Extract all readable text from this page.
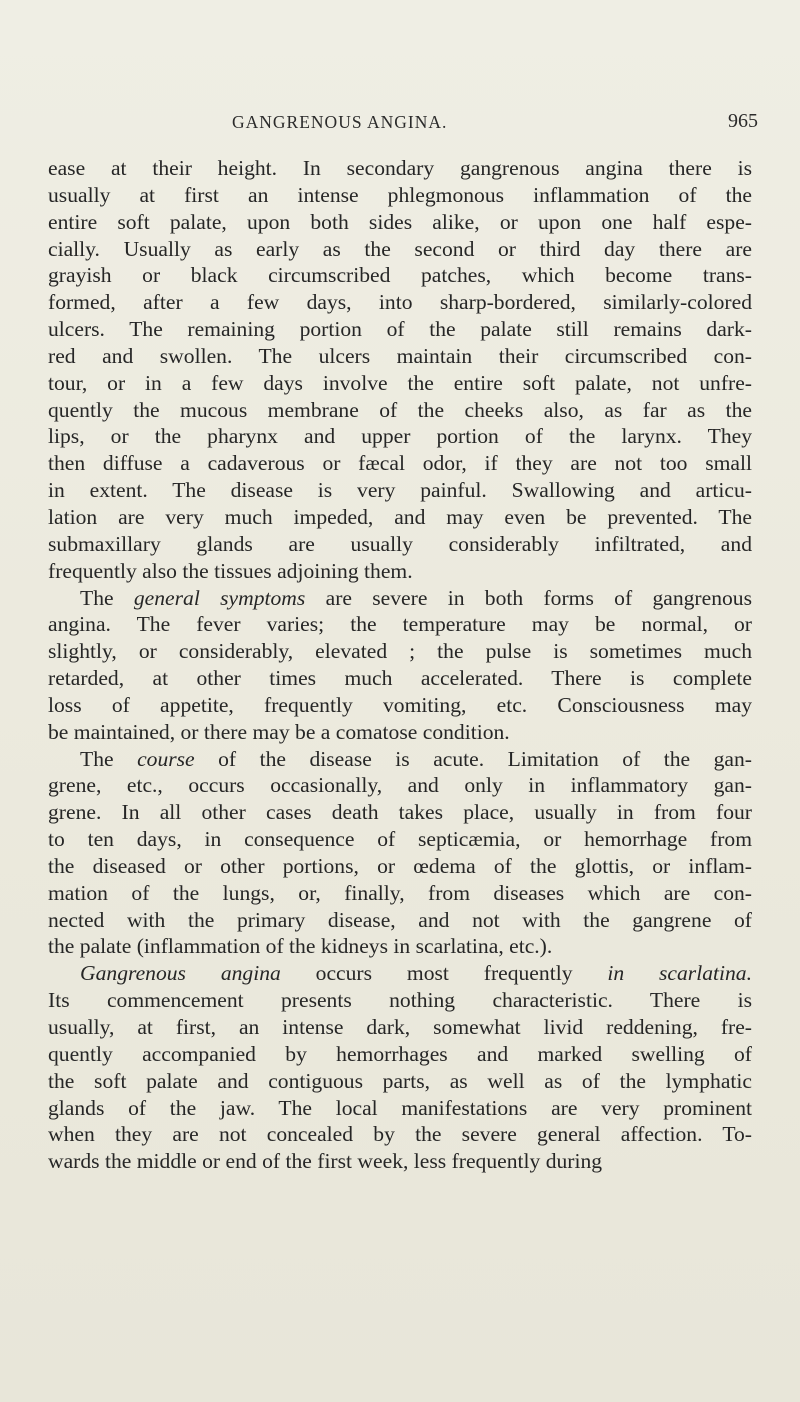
GANGRENOUS ANGINA.	965
ease at their height. In secondary gangrenous angina there is
usually at first an intense phlegmonous inflammation of the
entire soft palate, upon both sides alike, or upon one half espe-
cially. Usually as early as the second or third day there are
grayish or black circumscribed patches, which become trans-
formed, after a few days, into sharp-bordered, similarly-colored
ulcers. The remaining portion of the palate still remains dark-
red and swollen. The ulcers maintain their circumscribed con-
tour, or in a few days involve the entire soft palate, not unfre-
quently the mucous membrane of the cheeks also, as far as the
lips, or the pharynx and upper portion of the larynx. They
then diffuse a cadaverous or fæcal odor, if they are not too small
in extent. The disease is very painful. Swallowing and articu-
lation are very much impeded, and may even be prevented. The
submaxillary glands are usually considerably infiltrated, and
frequently also the tissues adjoining them.
The general symptoms are severe in both forms of gangrenous
angina. The fever varies; the temperature may be normal, or
slightly, or considerably, elevated ; the pulse is sometimes much
retarded, at other times much accelerated. There is complete
loss of appetite, frequently vomiting, etc. Consciousness may
be maintained, or there may be a comatose condition.
The course of the disease is acute. Limitation of the gan-
grene, etc., occurs occasionally, and only in inflammatory gan-
grene. In all other cases death takes place, usually in from four
to ten days, in consequence of septicæmia, or hemorrhage from
the diseased or other portions, or œdema of the glottis, or inflam-
mation of the lungs, or, finally, from diseases which are con-
nected with the primary disease, and not with the gangrene of
the palate (inflammation of the kidneys in scarlatina, etc.).
Gangrenous angina occurs most frequently in scarlatina.
Its commencement presents nothing characteristic. There is
usually, at first, an intense dark, somewhat livid reddening, fre-
quently accompanied by hemorrhages and marked swelling of
the soft palate and contiguous parts, as well as of the lymphatic
glands of the jaw. The local manifestations are very prominent
when they are not concealed by the severe general affection. To-
wards the middle or end of the first week, less frequently during
